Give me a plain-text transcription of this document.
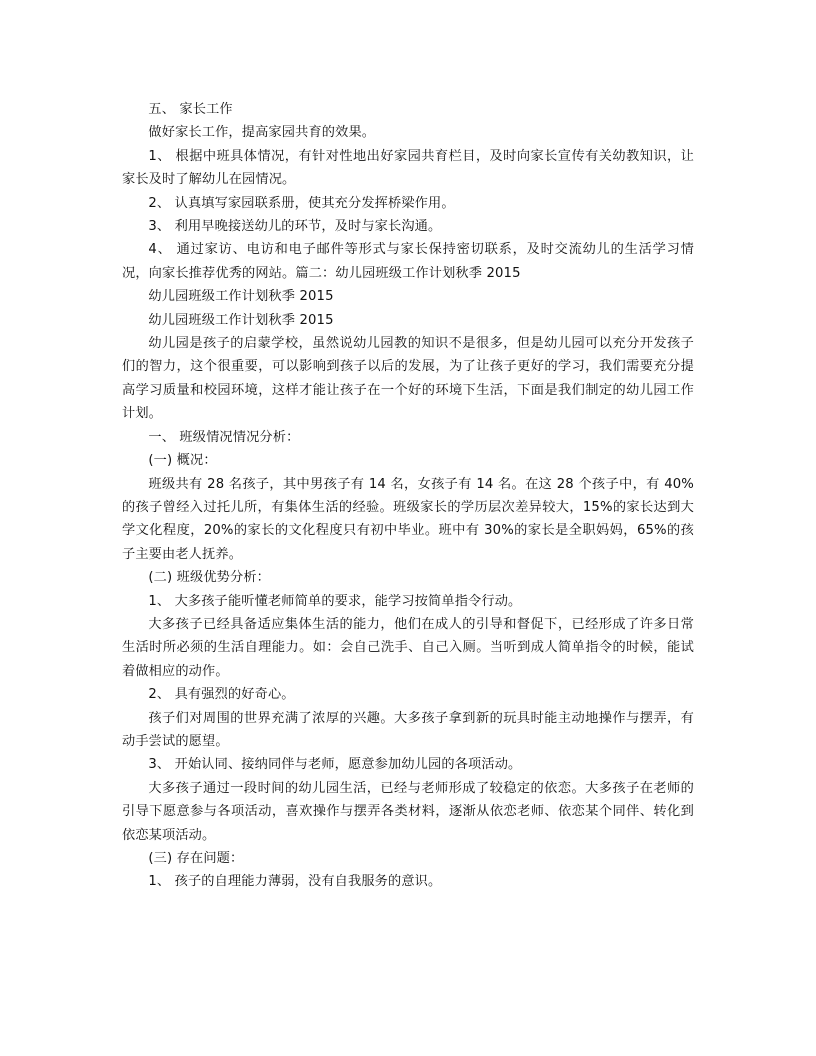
五、 家长工作

做好家长工作，提高家园共育的效果。

1、 根据中班具体情况，有针对性地出好家园共育栏目，及时向家长宣传有关幼教知识，让家长及时了解幼儿在园情况。

2、 认真填写家园联系册，使其充分发挥桥梁作用。

3、 利用早晚接送幼儿的环节，及时与家长沟通。

4、 通过家访、电访和电子邮件等形式与家长保持密切联系，及时交流幼儿的生活学习情况，向家长推荐优秀的网站。篇二：幼儿园班级工作计划秋季 2015

幼儿园班级工作计划秋季 2015

幼儿园班级工作计划秋季 2015

幼儿园是孩子的启蒙学校，虽然说幼儿园教的知识不是很多，但是幼儿园可以充分开发孩子们的智力，这个很重要，可以影响到孩子以后的发展，为了让孩子更好的学习，我们需要充分提高学习质量和校园环境，这样才能让孩子在一个好的环境下生活，下面是我们制定的幼儿园工作计划。

一、 班级情况情况分析：

(一) 概况：

班级共有 28 名孩子，其中男孩子有 14 名，女孩子有 14 名。在这 28 个孩子中，有 40%的孩子曾经入过托儿所，有集体生活的经验。班级家长的学历层次差异较大，15%的家长达到大学文化程度，20%的家长的文化程度只有初中毕业。班中有 30%的家长是全职妈妈，65%的孩子主要由老人抚养。

(二) 班级优势分析：

1、 大多孩子能听懂老师简单的要求，能学习按简单指令行动。

大多孩子已经具备适应集体生活的能力，他们在成人的引导和督促下，已经形成了许多日常生活时所必须的生活自理能力。如：会自己洗手、自己入厕。当听到成人简单指令的时候，能试着做相应的动作。

2、 具有强烈的好奇心。

孩子们对周围的世界充满了浓厚的兴趣。大多孩子拿到新的玩具时能主动地操作与摆弄，有动手尝试的愿望。

3、 开始认同、接纳同伴与老师，愿意参加幼儿园的各项活动。

大多孩子通过一段时间的幼儿园生活，已经与老师形成了较稳定的依恋。大多孩子在老师的引导下愿意参与各项活动，喜欢操作与摆弄各类材料，逐渐从依恋老师、依恋某个同伴、转化到依恋某项活动。

(三) 存在问题：

1、 孩子的自理能力薄弱，没有自我服务的意识。
